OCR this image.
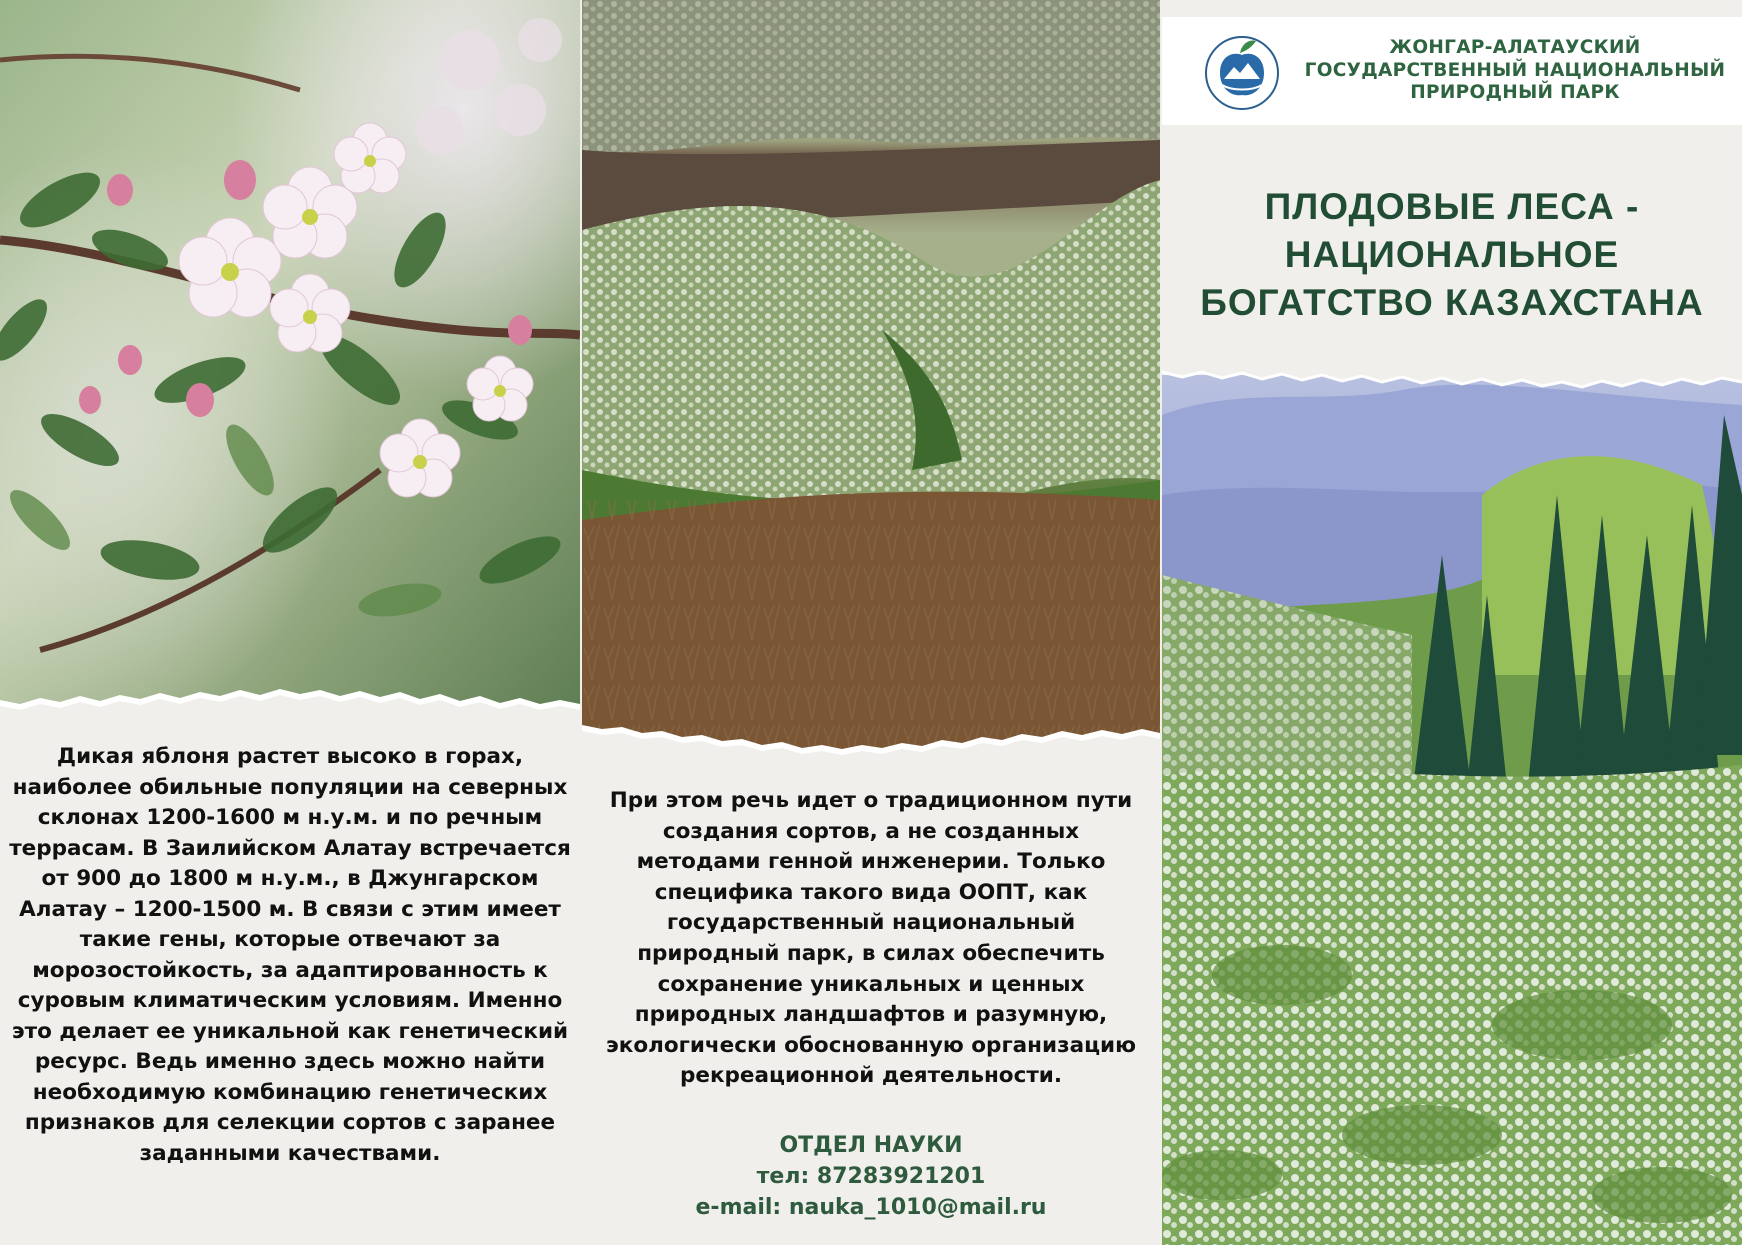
Дикая яблоня растет высоко в горах, наиболее обильные популяции на северных склонах 1200-1600 м н.у.м. и по речным террасам. В Заилийском Алатау встречается от 900 до 1800 м н.у.м., в Джунгарском Алатау – 1200-1500 м. В связи с этим имеет такие гены, которые отвечают за морозостойкость, за адаптированность к суровым климатическим условиям. Именно это делает ее уникальной как генетический ресурс. Ведь именно здесь можно найти необходимую комбинацию генетических признаков для селекции сортов с заранее заданными качествами.
При этом речь идет о традиционном пути создания сортов, а не созданных методами генной инженерии. Только специфика такого вида ООПТ, как государственный национальный природный парк, в силах обеспечить сохранение уникальных и ценных природных ландшафтов и разумную, экологически обоснованную организацию рекреационной деятельности.
ОТДЕЛ НАУКИ
тел: 87283921201
e-mail: nauka_1010@mail.ru
ЖОНГАР-АЛАТАУСКИЙ ГОСУДАРСТВЕННЫЙ НАЦИОНАЛЬНЫЙ ПРИРОДНЫЙ ПАРК
ПЛОДОВЫЕ ЛЕСА - НАЦИОНАЛЬНОЕ БОГАТСТВО КАЗАХСТАНА
